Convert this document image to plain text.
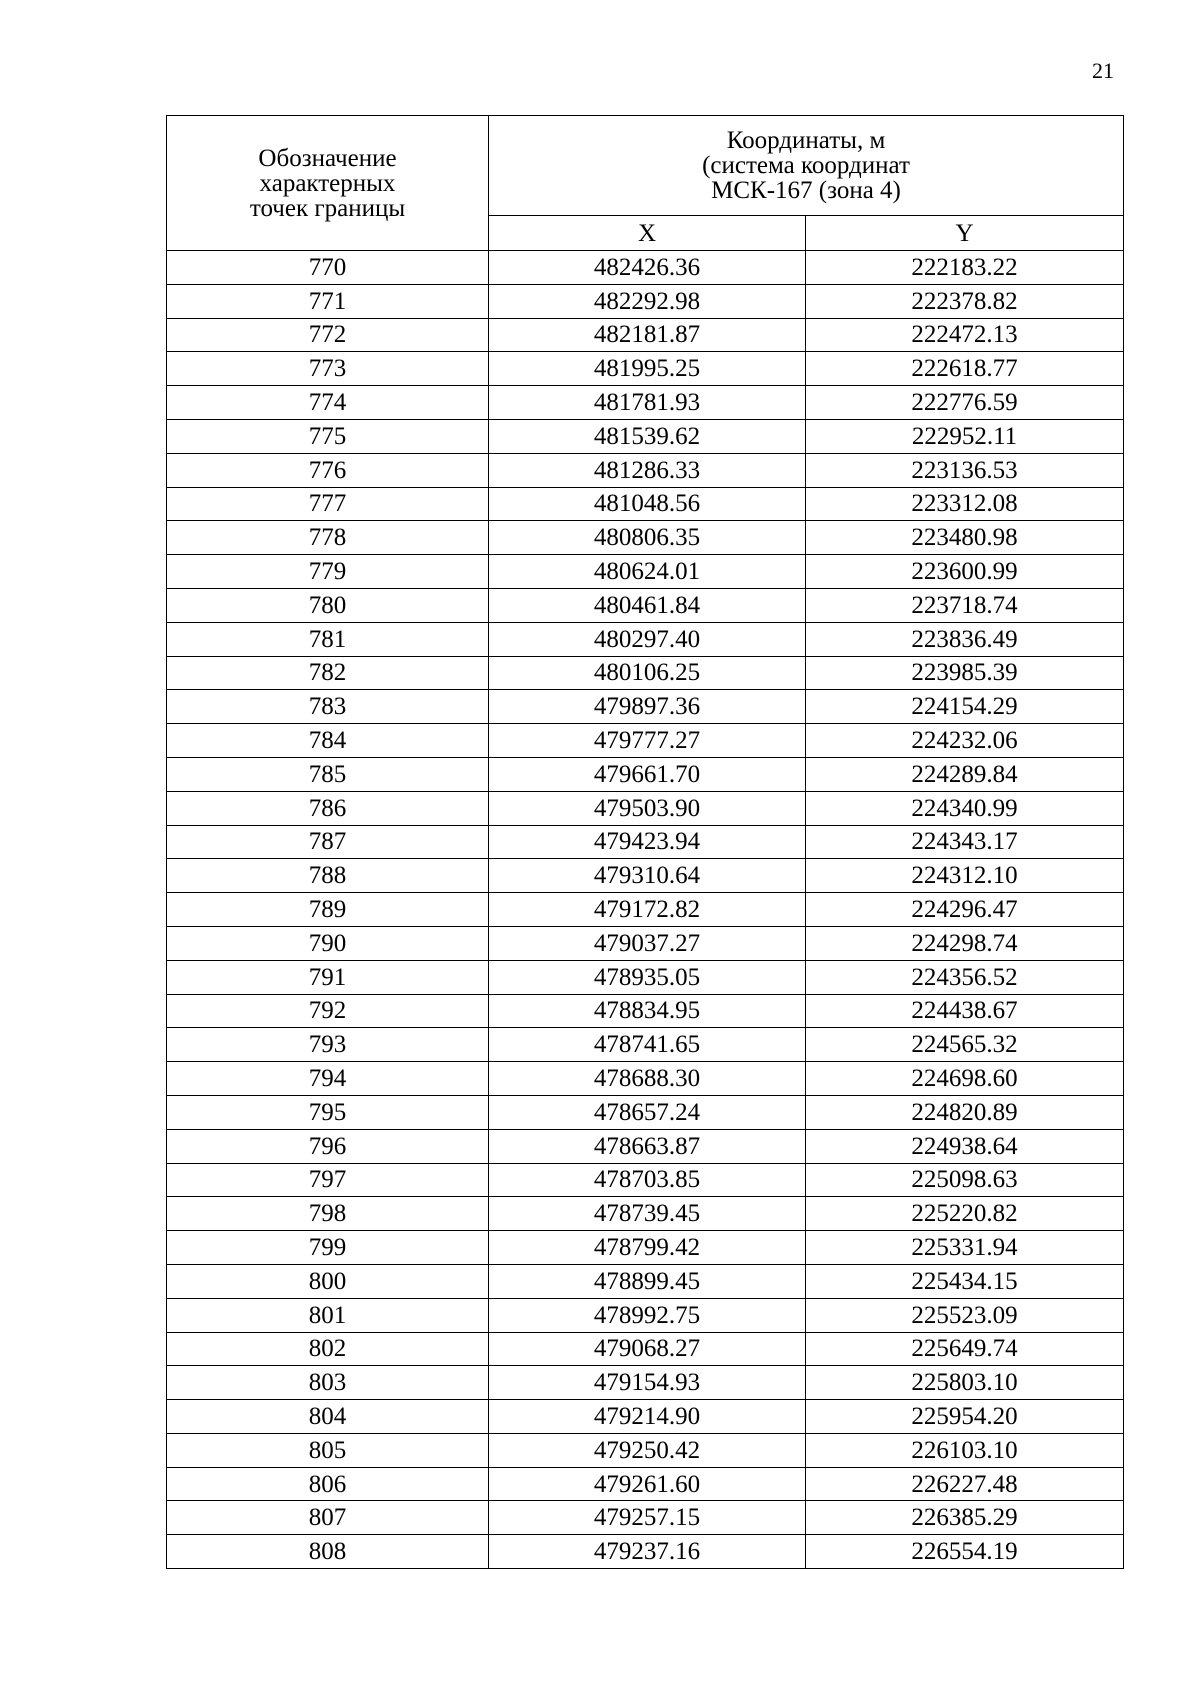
21
Обозначение
характерных
точек границы	Координаты, м
(система координат
МСК-167 (зона 4)	

	X	Y
770	482426.36	222183.22
771	482292.98	222378.82
772	482181.87	222472.13
773	481995.25	222618.77
774	481781.93	222776.59
775	481539.62	222952.11
776	481286.33	223136.53
777	481048.56	223312.08
778	480806.35	223480.98
779	480624.01	223600.99
780	480461.84	223718.74
781	480297.40	223836.49
782	480106.25	223985.39
783	479897.36	224154.29
784	479777.27	224232.06
785	479661.70	224289.84
786	479503.90	224340.99
787	479423.94	224343.17
788	479310.64	224312.10
789	479172.82	224296.47
790	479037.27	224298.74
791	478935.05	224356.52
792	478834.95	224438.67
793	478741.65	224565.32
794	478688.30	224698.60
795	478657.24	224820.89
796	478663.87	224938.64
797	478703.85	225098.63
798	478739.45	225220.82
799	478799.42	225331.94
800	478899.45	225434.15
801	478992.75	225523.09
802	479068.27	225649.74
803	479154.93	225803.10
804	479214.90	225954.20
805	479250.42	226103.10
806	479261.60	226227.48
807	479257.15	226385.29
808	479237.16	226554.19
